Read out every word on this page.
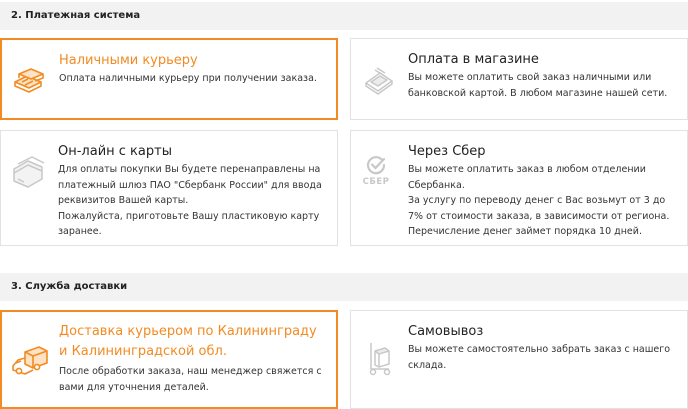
2. Платежная система
Наличными курьеру
Оплата наличными курьеру при получении заказа.
Оплата в магазине
Вы можете оплатить свой заказ наличными или
банковской картой. В любом магазине нашей сети.
Он-лайн с карты
Для оплаты покупки Вы будете перенаправлены на
платежный шлюз ПАО "Сбербанк России" для ввода
реквизитов Вашей карты.
Пожалуйста, приготовьте Вашу пластиковую карту
заранее.
СБЕР
Через Сбер
Вы можете оплатить заказ в любом отделении
Сбербанка.
За услугу по переводу денег с Вас возьмут от 3 до
7% от стоимости заказа, в зависимости от региона.
Перечисление денег займет порядка 10 дней.
3. Служба доставки
Доставка курьером по Калининграду
и Калининградской обл.
После обработки заказа, наш менеджер свяжется с
вами для уточнения деталей.
Самовывоз
Вы можете самостоятельно забрать заказ с нашего
склада.
